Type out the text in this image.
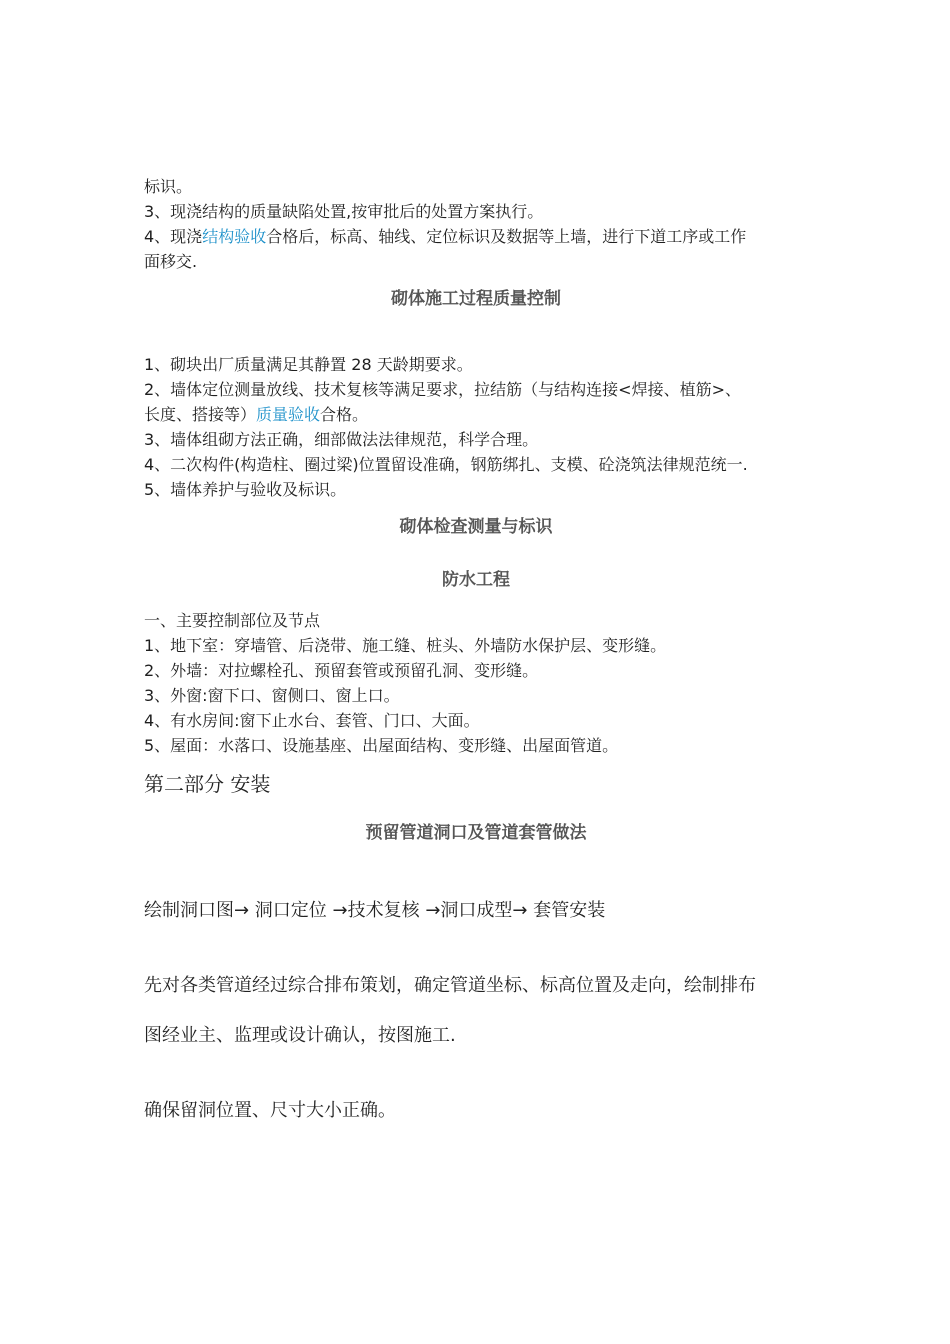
标识。
3、现浇结构的质量缺陷处置,按审批后的处置方案执行。
4、现浇结构验收合格后，标高、轴线、定位标识及数据等上墙，进行下道工序或工作
面移交.
砌体施工过程质量控制
1、砌块出厂质量满足其静置 28 天龄期要求。
2、墙体定位测量放线、技术复核等满足要求，拉结筋（与结构连接<焊接、植筋>、
长度、搭接等）质量验收合格。
3、墙体组砌方法正确，细部做法法律规范，科学合理。
4、二次构件(构造柱、圈过梁)位置留设准确，钢筋绑扎、支模、砼浇筑法律规范统一.
5、墙体养护与验收及标识。
砌体检查测量与标识
防水工程
一、主要控制部位及节点
1、地下室：穿墙管、后浇带、施工缝、桩头、外墙防水保护层、变形缝。
2、外墙：对拉螺栓孔、预留套管或预留孔洞、变形缝。
3、外窗:窗下口、窗侧口、窗上口。
4、有水房间:窗下止水台、套管、门口、大面。
5、屋面：水落口、设施基座、出屋面结构、变形缝、出屋面管道。
第二部分 安装
预留管道洞口及管道套管做法
绘制洞口图→ 洞口定位 →技术复核 →洞口成型→ 套管安装
先对各类管道经过综合排布策划，确定管道坐标、标高位置及走向，绘制排布
图经业主、监理或设计确认，按图施工.
确保留洞位置、尺寸大小正确。
